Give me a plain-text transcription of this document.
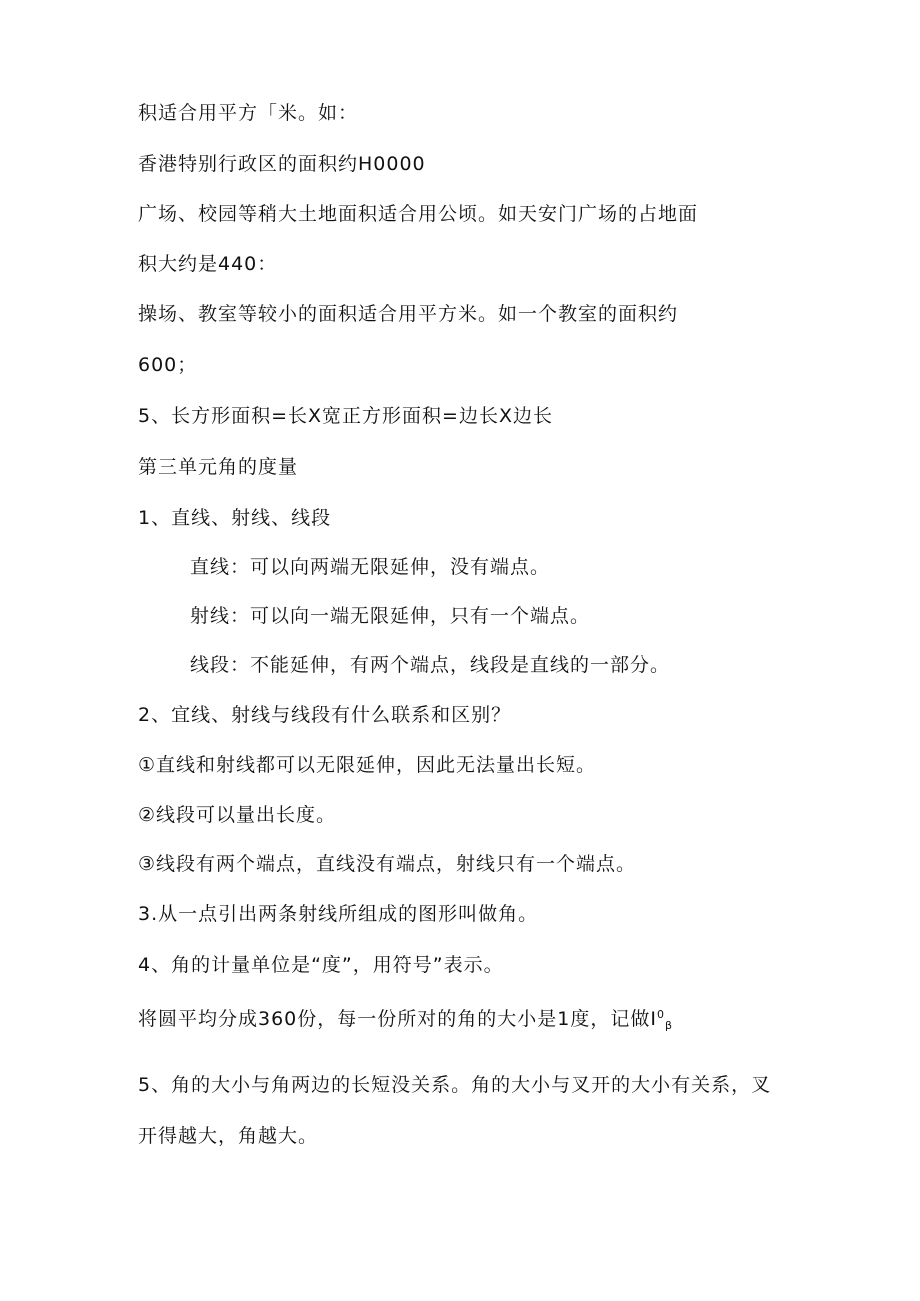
积适合用平方「米。如：
香港特别行政区的面积约H0000
广场、校园等稍大土地面积适合用公顷。如天安门广场的占地面
积大约是440：
操场、教室等较小的面积适合用平方米。如一个教室的面积约
600；
5、长方形面积=长X宽正方形面积=边长X边长
第三单元角的度量
1、直线、射线、线段
直线：可以向两端无限延伸，没有端点。
射线：可以向一端无限延伸，只有一个端点。
线段：不能延伸，有两个端点，线段是直线的一部分。
2、宜线、射线与线段有什么联系和区别？
①直线和射线都可以无限延伸，因此无法量出长短。
②线段可以量出长度。
③线段有两个端点，直线没有端点，射线只有一个端点。
3.从一点引出两条射线所组成的图形叫做角。
4、角的计量单位是“度”，用符号”表示。
将圆平均分成360份，每一份所对的角的大小是1度，记做$I^0_\beta$
5、角的大小与角两边的长短没关系。角的大小与叉开的大小有关系，叉
开得越大，角越大。
